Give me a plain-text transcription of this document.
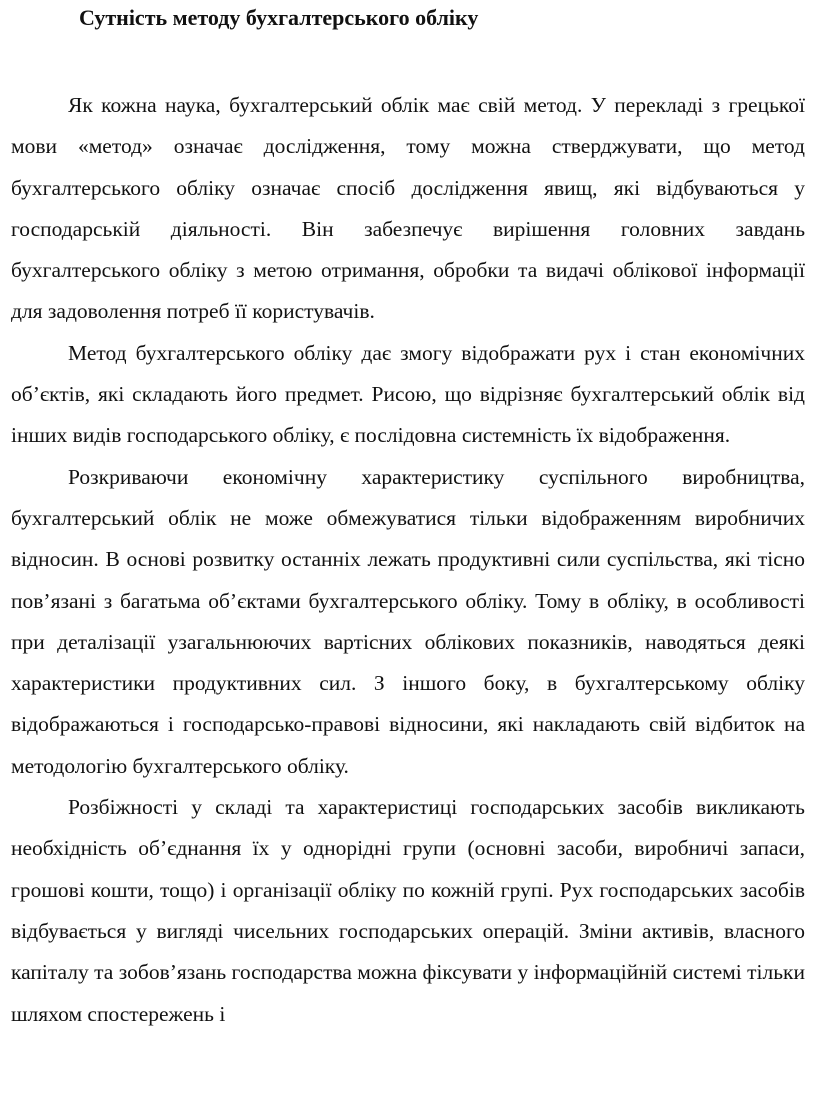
Сутність методу бухгалтерського обліку

Як кожна наука, бухгалтерський облік має свій метод. У перекладі з грецької мови «метод» означає дослідження, тому можна стверджувати, що метод бухгалтерського обліку означає спосіб дослідження явищ, які відбуваються у господарській діяльності. Він забезпечує вирішення головних завдань бухгалтерського обліку з метою отримання, обробки та видачі облікової інформації для задоволення потреб її користувачів.

Метод бухгалтерського обліку дає змогу відображати рух і стан економічних об’єктів, які складають його предмет. Рисою, що відрізняє бухгалтерський облік від інших видів господарського обліку, є послідовна системність їх відображення.

Розкриваючи економічну характеристику суспільного виробництва, бухгалтерський облік не може обмежуватися тільки відображенням виробничих відносин. В основі розвитку останніх лежать продуктивні сили суспільства, які тісно пов’язані з багатьма об’єктами бухгалтерського обліку. Тому в обліку, в особливості при деталізації узагальнюючих вартісних облікових показників, наводяться деякі характеристики продуктивних сил. З іншого боку, в бухгалтерському обліку відображаються і господарсько-правові відносини, які накладають свій відбиток на методологію бухгалтерського обліку.

Розбіжності у складі та характеристиці господарських засобів викликають необхідність об’єднання їх у однорідні групи (основні засоби, виробничі запаси, грошові кошти, тощо) і організації обліку по кожній групі. Рух господарських засобів відбувається у вигляді чисельних господарських операцій. Зміни активів, власного капіталу та зобов’язань господарства можна фіксувати у інформаційній системі тільки шляхом спостережень і
